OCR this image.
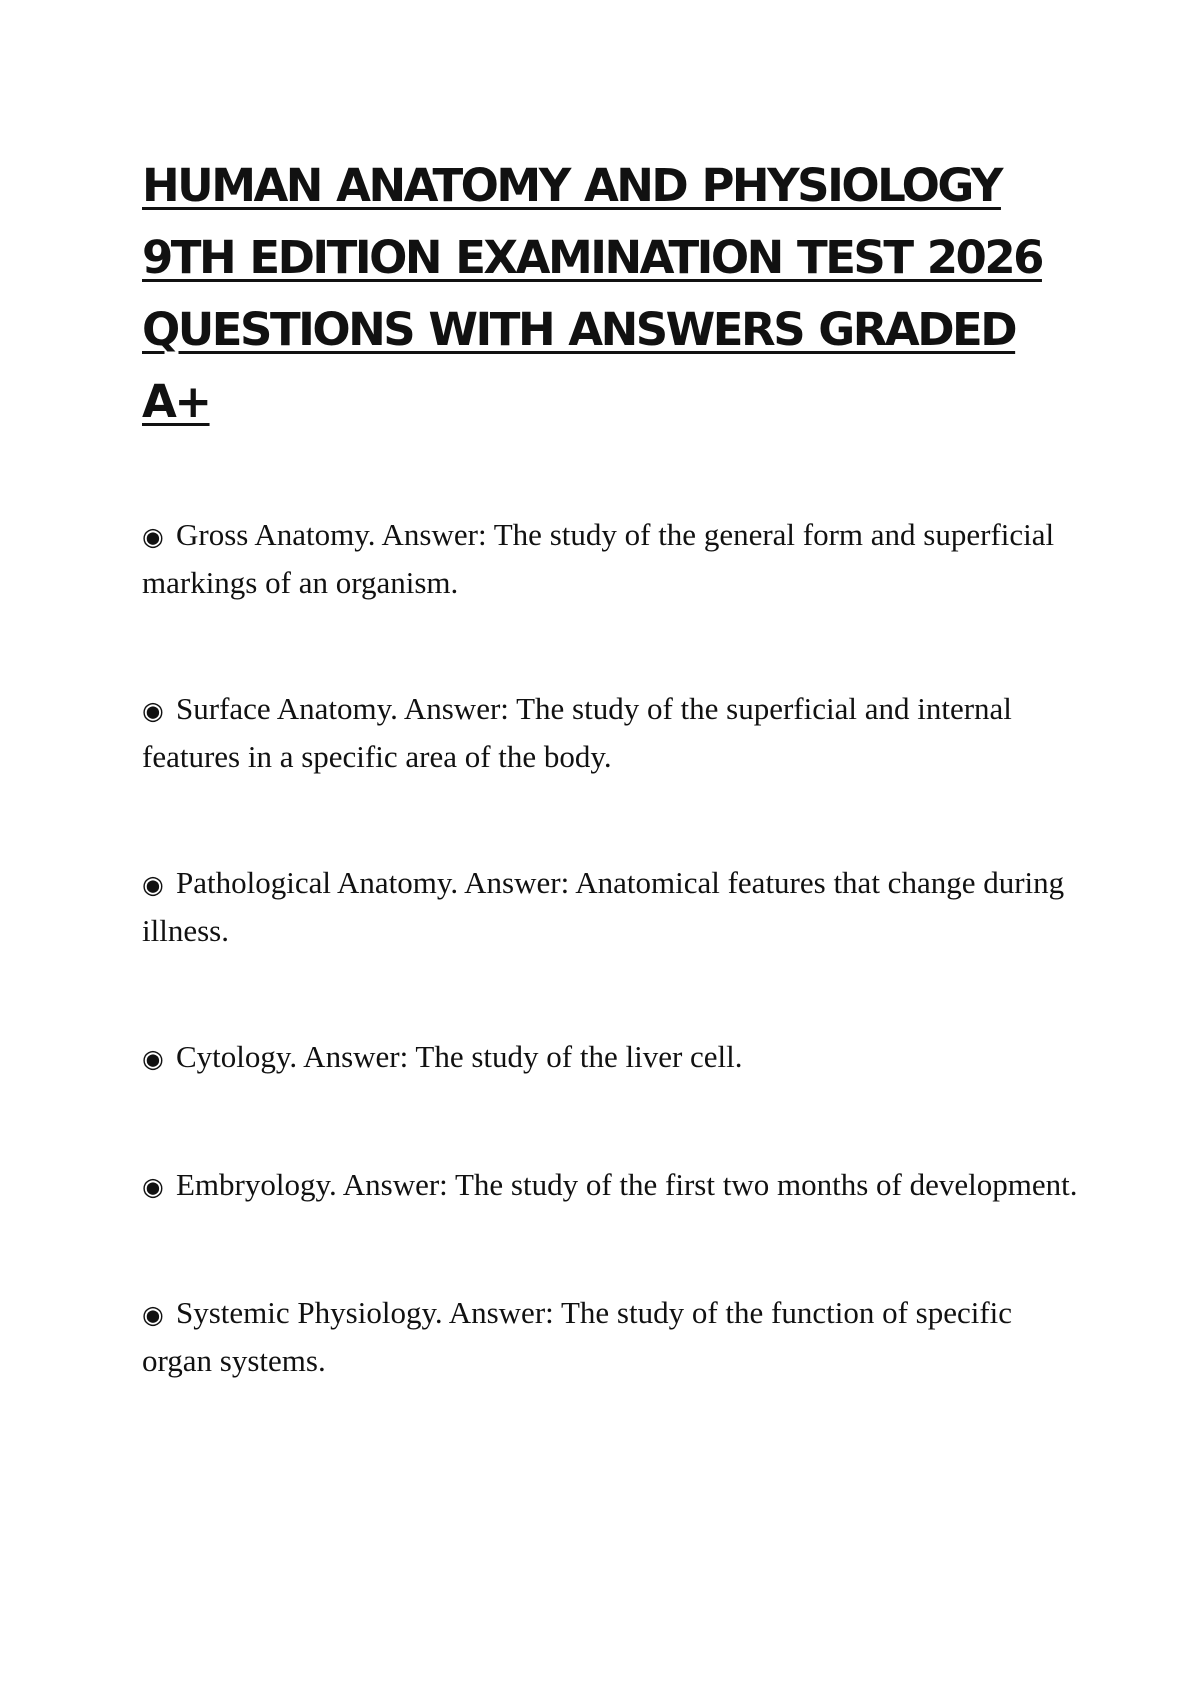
HUMAN ANATOMY AND PHYSIOLOGY 9TH EDITION EXAMINATION TEST 2026 QUESTIONS WITH ANSWERS GRADED A+
◉ Gross Anatomy. Answer: The study of the general form and superficial markings of an organism.
◉ Surface Anatomy. Answer: The study of the superficial and internal features in a specific area of the body.
◉ Pathological Anatomy. Answer: Anatomical features that change during illness.
◉ Cytology. Answer: The study of the liver cell.
◉ Embryology. Answer: The study of the first two months of development.
◉ Systemic Physiology. Answer: The study of the function of specific organ systems.
